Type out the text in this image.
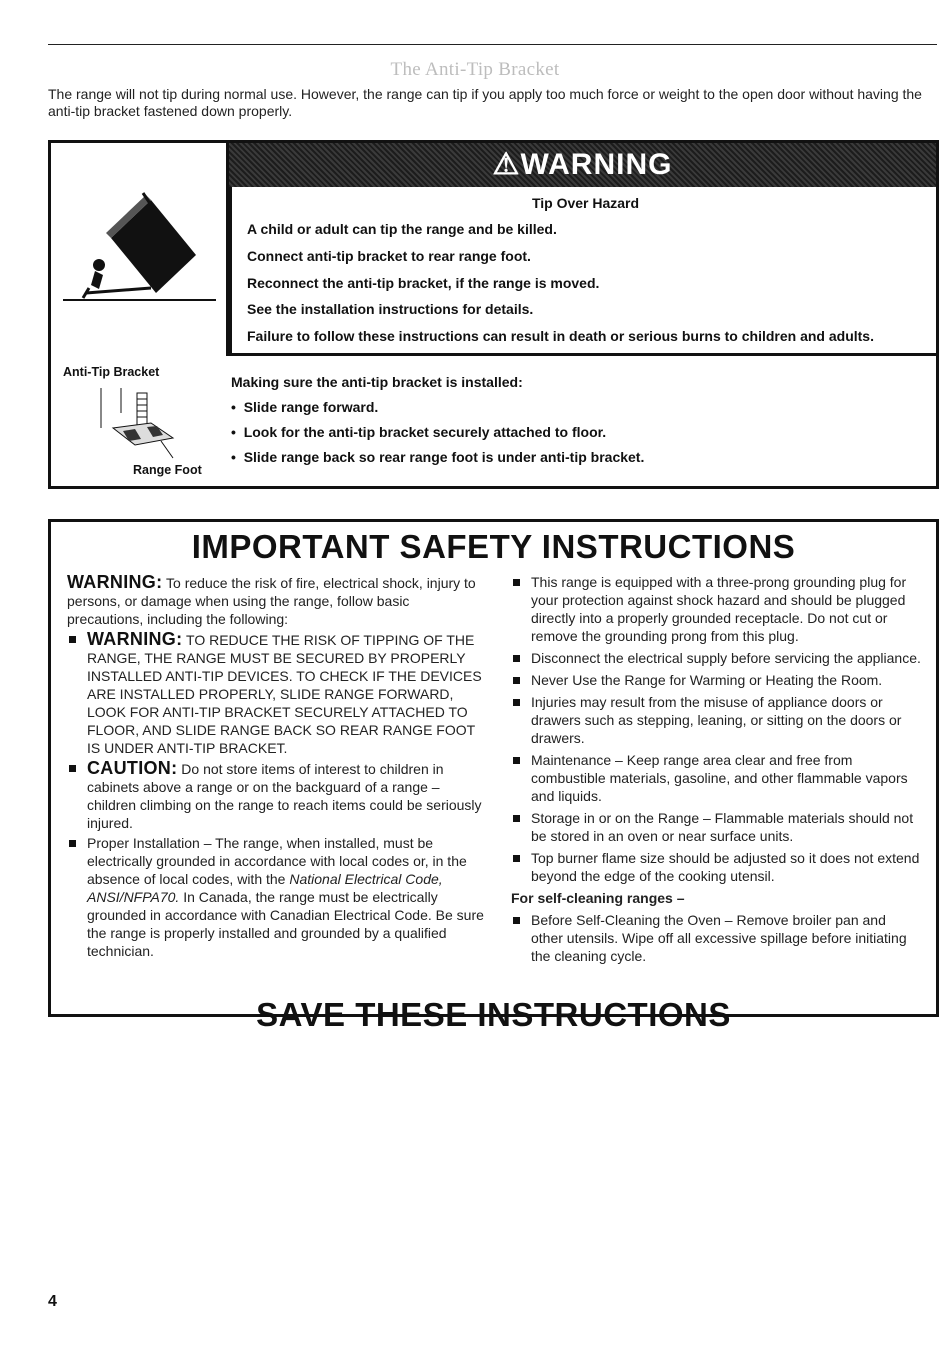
The Anti-Tip Bracket
The range will not tip during normal use. However, the range can tip if you apply too much force or weight to the open door without having the anti-tip bracket fastened down properly.
⚠WARNING
Tip Over Hazard
A child or adult can tip the range and be killed.
Connect anti-tip bracket to rear range foot.
Reconnect the anti-tip bracket, if the range is moved.
See the installation instructions for details.
Failure to follow these instructions can result in death or serious burns to children and adults.
Anti-Tip Bracket
Range Foot
Making sure the anti-tip bracket is installed:
•  Slide range forward.
•  Look for the anti-tip bracket securely attached to floor.
•  Slide range back so rear range foot is under anti-tip bracket.
IMPORTANT SAFETY INSTRUCTIONS
WARNING: To reduce the risk of fire, electrical shock, injury to persons, or damage when using the range, follow basic precautions, including the following:
WARNING: TO REDUCE THE RISK OF TIPPING OF THE RANGE, THE RANGE MUST BE SECURED BY PROPERLY INSTALLED ANTI-TIP DEVICES. TO CHECK IF THE DEVICES ARE INSTALLED PROPERLY, SLIDE RANGE FORWARD, LOOK FOR ANTI-TIP BRACKET SECURELY ATTACHED TO FLOOR, AND SLIDE RANGE BACK SO REAR RANGE FOOT IS UNDER ANTI-TIP BRACKET.
CAUTION: Do not store items of interest to children in cabinets above a range or on the backguard of a range – children climbing on the range to reach items could be seriously injured.
Proper Installation – The range, when installed, must be electrically grounded in accordance with local codes or, in the absence of local codes, with the National Electrical Code, ANSI/NFPA70. In Canada, the range must be electrically grounded in accordance with Canadian Electrical Code. Be sure the range is properly installed and grounded by a qualified technician.
This range is equipped with a three-prong grounding plug for your protection against shock hazard and should be plugged directly into a properly grounded receptacle. Do not cut or remove the grounding prong from this plug.
Disconnect the electrical supply before servicing the appliance.
Never Use the Range for Warming or Heating the Room.
Injuries may result from the misuse of appliance doors or drawers such as stepping, leaning, or sitting on the doors or drawers.
Maintenance – Keep range area clear and free from combustible materials, gasoline, and other flammable vapors and liquids.
Storage in or on the Range – Flammable materials should not be stored in an oven or near surface units.
Top burner flame size should be adjusted so it does not extend beyond the edge of the cooking utensil.
For self-cleaning ranges –
Before Self-Cleaning the Oven – Remove broiler pan and other utensils. Wipe off all excessive spillage before initiating the cleaning cycle.
SAVE THESE INSTRUCTIONS
4
